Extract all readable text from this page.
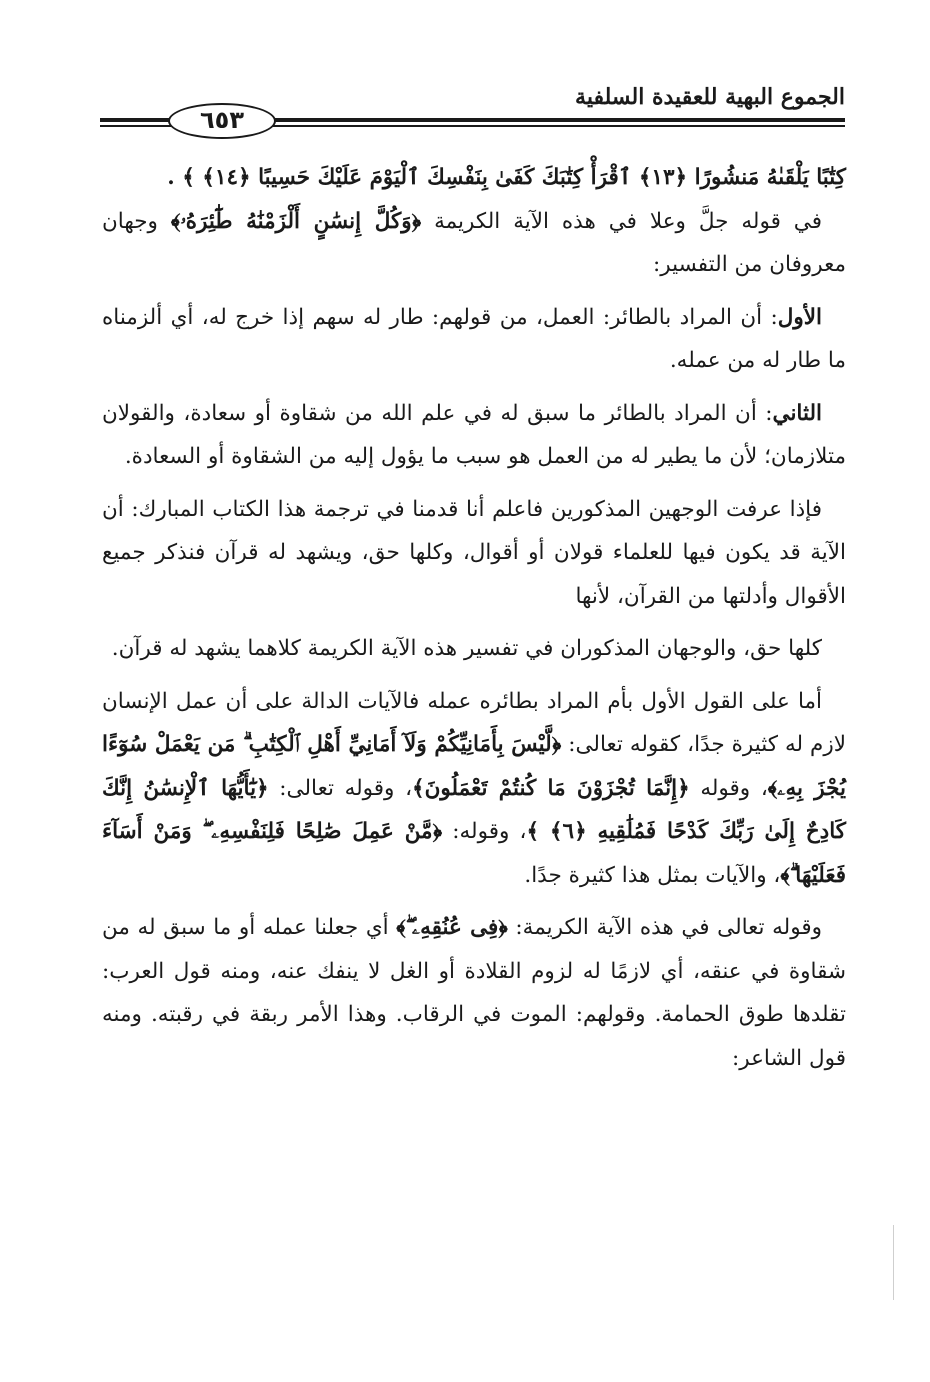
الجموع البهية للعقيدة السلفية
٦٥٣

كِتَٰبًا يَلْقَىٰهُ مَنشُورًا ﴿١٣﴾ ٱقْرَأْ كِتَٰبَكَ كَفَىٰ بِنَفْسِكَ ٱلْيَوْمَ عَلَيْكَ حَسِيبًا ﴿١٤﴾ ﴾ .

في قوله جلَّ وعلا في هذه الآية الكريمة ﴿وَكُلَّ إِنسَٰنٍ أَلْزَمْنَٰهُ طَٰٓئِرَهُۥ﴾ وجهان معروفان من التفسير:

الأول: أن المراد بالطائر: العمل، من قولهم: طار له سهم إذا خرج له، أي ألزمناه ما طار له من عمله.

الثاني: أن المراد بالطائر ما سبق له في علم الله من شقاوة أو سعادة، والقولان متلازمان؛ لأن ما يطير له من العمل هو سبب ما يؤول إليه من الشقاوة أو السعادة.

فإذا عرفت الوجهين المذكورين فاعلم أنا قدمنا في ترجمة هذا الكتاب المبارك: أن الآية قد يكون فيها للعلماء قولان أو أقوال، وكلها حق، ويشهد له قرآن فنذكر جميع الأقوال وأدلتها من القرآن، لأنها

كلها حق، والوجهان المذكوران في تفسير هذه الآية الكريمة كلاهما يشهد له قرآن.

أما على القول الأول بأم المراد بطائره عمله فالآيات الدالة على أن عمل الإنسان لازم له كثيرة جدًا، كقوله تعالى: ﴿لَّيْسَ بِأَمَانِيِّكُمْ وَلَآ أَمَانِيِّ أَهْلِ ٱلْكِتَٰبِ ۗ مَن يَعْمَلْ سُوٓءًا يُجْزَ بِهِۦ﴾، وقوله ﴿إِنَّمَا تُجْزَوْنَ مَا كُنتُمْ تَعْمَلُونَ﴾، وقوله تعالى: ﴿يَٰٓأَيُّهَا ٱلْإِنسَٰنُ إِنَّكَ كَادِحٌ إِلَىٰ رَبِّكَ كَدْحًا فَمُلَٰقِيهِ ﴿٦﴾ ﴾، وقوله: ﴿مَّنْ عَمِلَ صَٰلِحًا فَلِنَفْسِهِۦ ۖ وَمَنْ أَسَآءَ فَعَلَيْهَا ۗ﴾، والآيات بمثل هذا كثيرة جدًا.

وقوله تعالى في هذه الآية الكريمة: ﴿فِى عُنُقِهِۦ ۖ﴾ أي جعلنا عمله أو ما سبق له من شقاوة في عنقه، أي لازمًا له لزوم القلادة أو الغل لا ينفك عنه، ومنه قول العرب: تقلدها طوق الحمامة. وقولهم: الموت في الرقاب. وهذا الأمر ربقة في رقبته. ومنه قول الشاعر:
